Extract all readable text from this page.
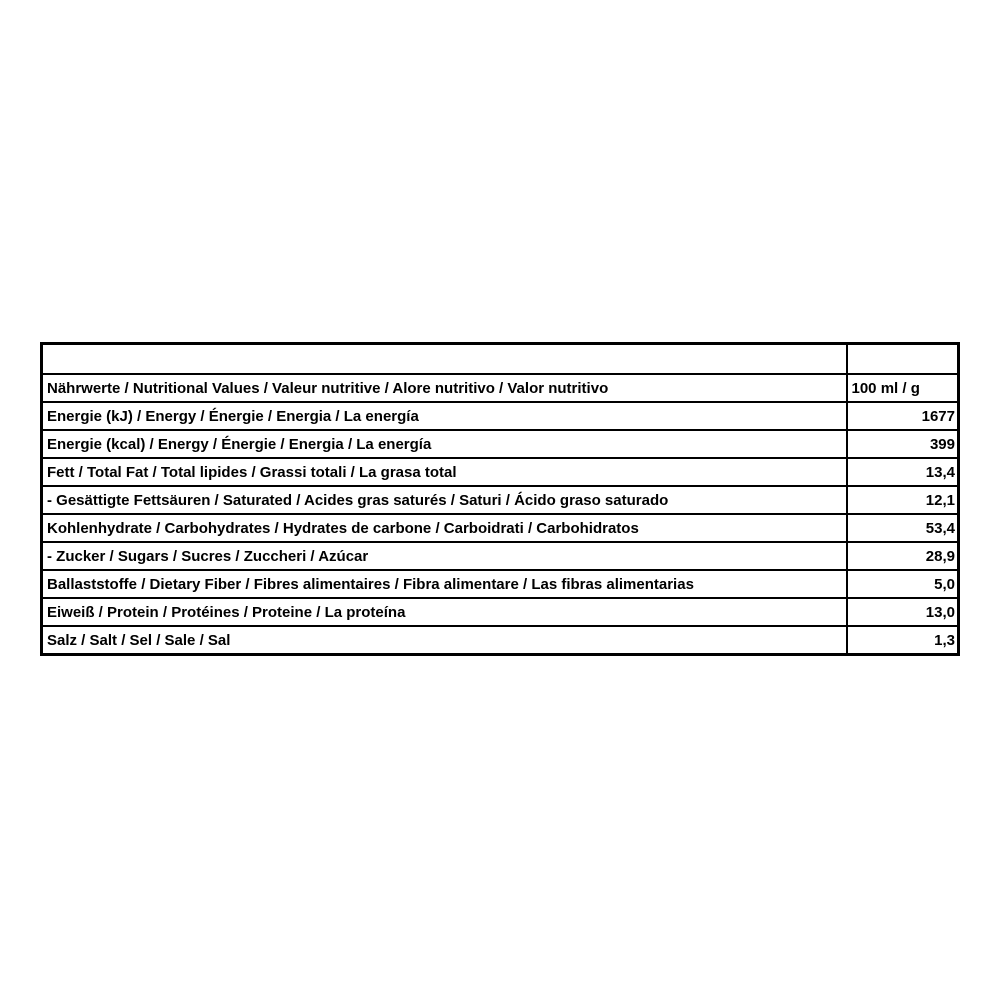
Nährwerte / Nutritional Values / Valeur nutritive / Alore nutritivo / Valor nutritivo	100 ml / g
Energie (kJ) / Energy / Énergie / Energia / La energía	1677
Energie (kcal) / Energy / Énergie / Energia / La energía	399
Fett / Total Fat / Total lipides / Grassi totali / La grasa total	13,4
- Gesättigte Fettsäuren / Saturated / Acides gras saturés / Saturi / Ácido graso saturado	12,1
Kohlenhydrate / Carbohydrates / Hydrates de carbone / Carboidrati / Carbohidratos	53,4
- Zucker / Sugars / Sucres / Zuccheri / Azúcar	28,9
Ballaststoffe / Dietary Fiber / Fibres alimentaires / Fibra alimentare / Las fibras alimentarias	5,0
Eiweiß / Protein / Protéines / Proteine / La proteína	13,0
Salz / Salt / Sel / Sale / Sal	1,3
